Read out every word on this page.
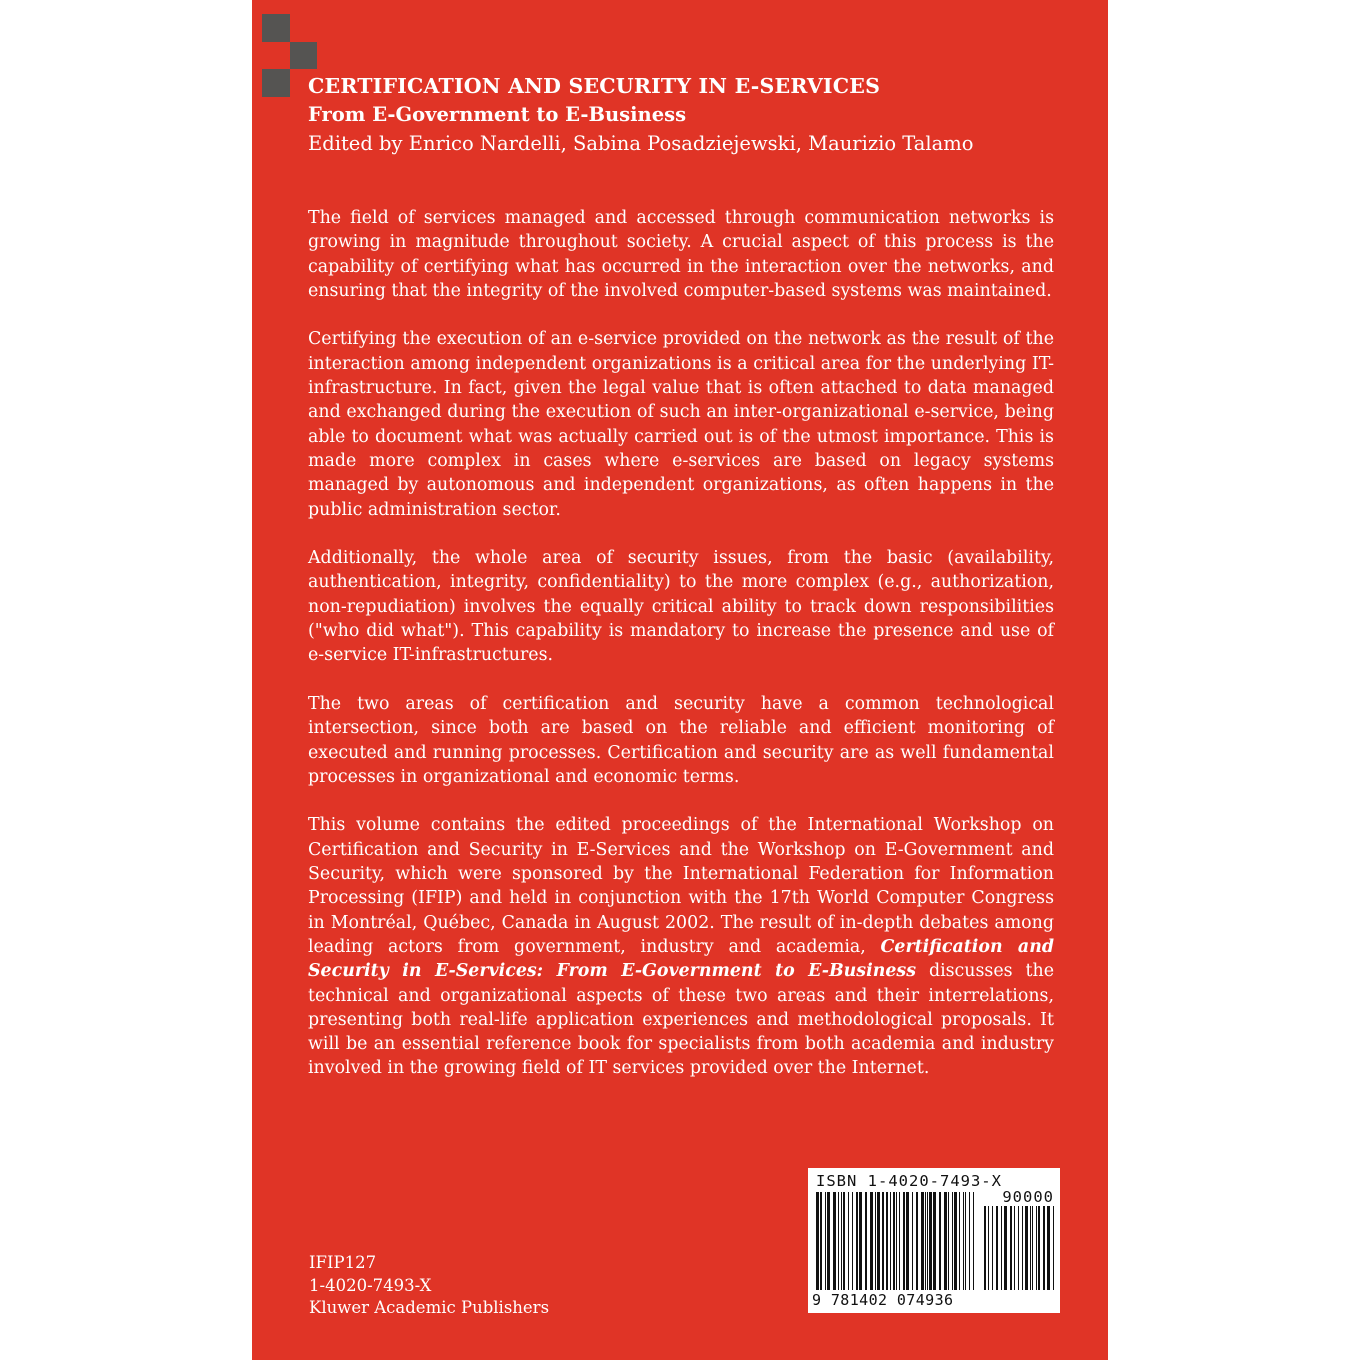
CERTIFICATION AND SECURITY IN E-SERVICES
From E-Government to E-Business
Edited by Enrico Nardelli, Sabina Posadziejewski, Maurizio Talamo

The field of services managed and accessed through communication networks is growing in magnitude throughout society. A crucial aspect of this process is the capability of certifying what has occurred in the interaction over the networks, and ensuring that the integrity of the involved computer-based systems was maintained.

Certifying the execution of an e-service provided on the network as the result of the interaction among independent organizations is a critical area for the underlying IT-infrastructure. In fact, given the legal value that is often attached to data managed and exchanged during the execution of such an inter-organizational e-service, being able to document what was actually carried out is of the utmost importance. This is made more complex in cases where e-services are based on legacy systems managed by autonomous and independent organizations, as often happens in the public administration sector.

Additionally, the whole area of security issues, from the basic (availability, authentication, integrity, confidentiality) to the more complex (e.g., authorization, non-repudiation) involves the equally critical ability to track down responsibilities ("who did what"). This capability is mandatory to increase the presence and use of e-service IT-infrastructures.

The two areas of certification and security have a common technological intersection, since both are based on the reliable and efficient monitoring of executed and running processes. Certification and security are as well fundamental processes in organizational and economic terms.

This volume contains the edited proceedings of the International Workshop on Certification and Security in E-Services and the Workshop on E-Government and Security, which were sponsored by the International Federation for Information Processing (IFIP) and held in conjunction with the 17th World Computer Congress in Montréal, Québec, Canada in August 2002. The result of in-depth debates among leading actors from government, industry and academia, Certification and Security in E-Services: From E-Government to E-Business discusses the technical and organizational aspects of these two areas and their interrelations, presenting both real-life application experiences and methodological proposals. It will be an essential reference book for specialists from both academia and industry involved in the growing field of IT services provided over the Internet.

IFIP127
1-4020-7493-X
Kluwer Academic Publishers
ISBN 1-4020-7493-X
90000
9 781402 074936
